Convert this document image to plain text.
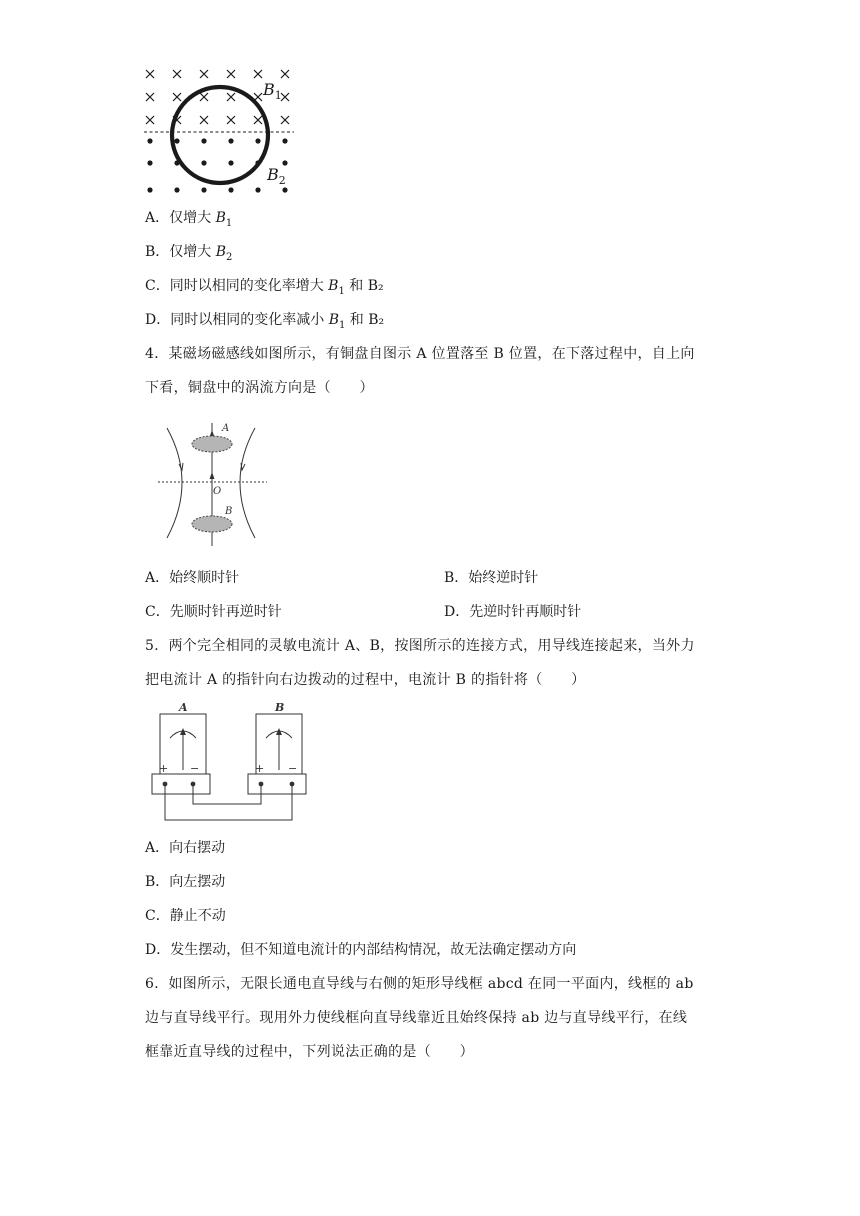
$B_1$
$B_2$
A．仅增大 $B_1$
B．仅增大 $B_2$
C．同时以相同的变化率增大 $B_1$ 和 B₂
D．同时以相同的变化率减小 $B_1$ 和 B₂
4．某磁场磁感线如图所示，有铜盘自图示 A 位置落至 B 位置，在下落过程中，自上向
下看，铜盘中的涡流方向是（　　）
A
O
B
A．始终顺时针	B．始终逆时针
C．先顺时针再逆时针	D．先逆时针再顺时针
5．两个完全相同的灵敏电流计 A、B，按图所示的连接方式，用导线连接起来，当外力
把电流计 A 的指针向右边拨动的过程中，电流计 B 的指针将（　　）
A	B
+ −	+ −
A．向右摆动
B．向左摆动
C．静止不动
D．发生摆动，但不知道电流计的内部结构情况，故无法确定摆动方向
6．如图所示，无限长通电直导线与右侧的矩形导线框 abcd 在同一平面内，线框的 ab
边与直导线平行。现用外力使线框向直导线靠近且始终保持 ab 边与直导线平行，在线
框靠近直导线的过程中，下列说法正确的是（　　）
